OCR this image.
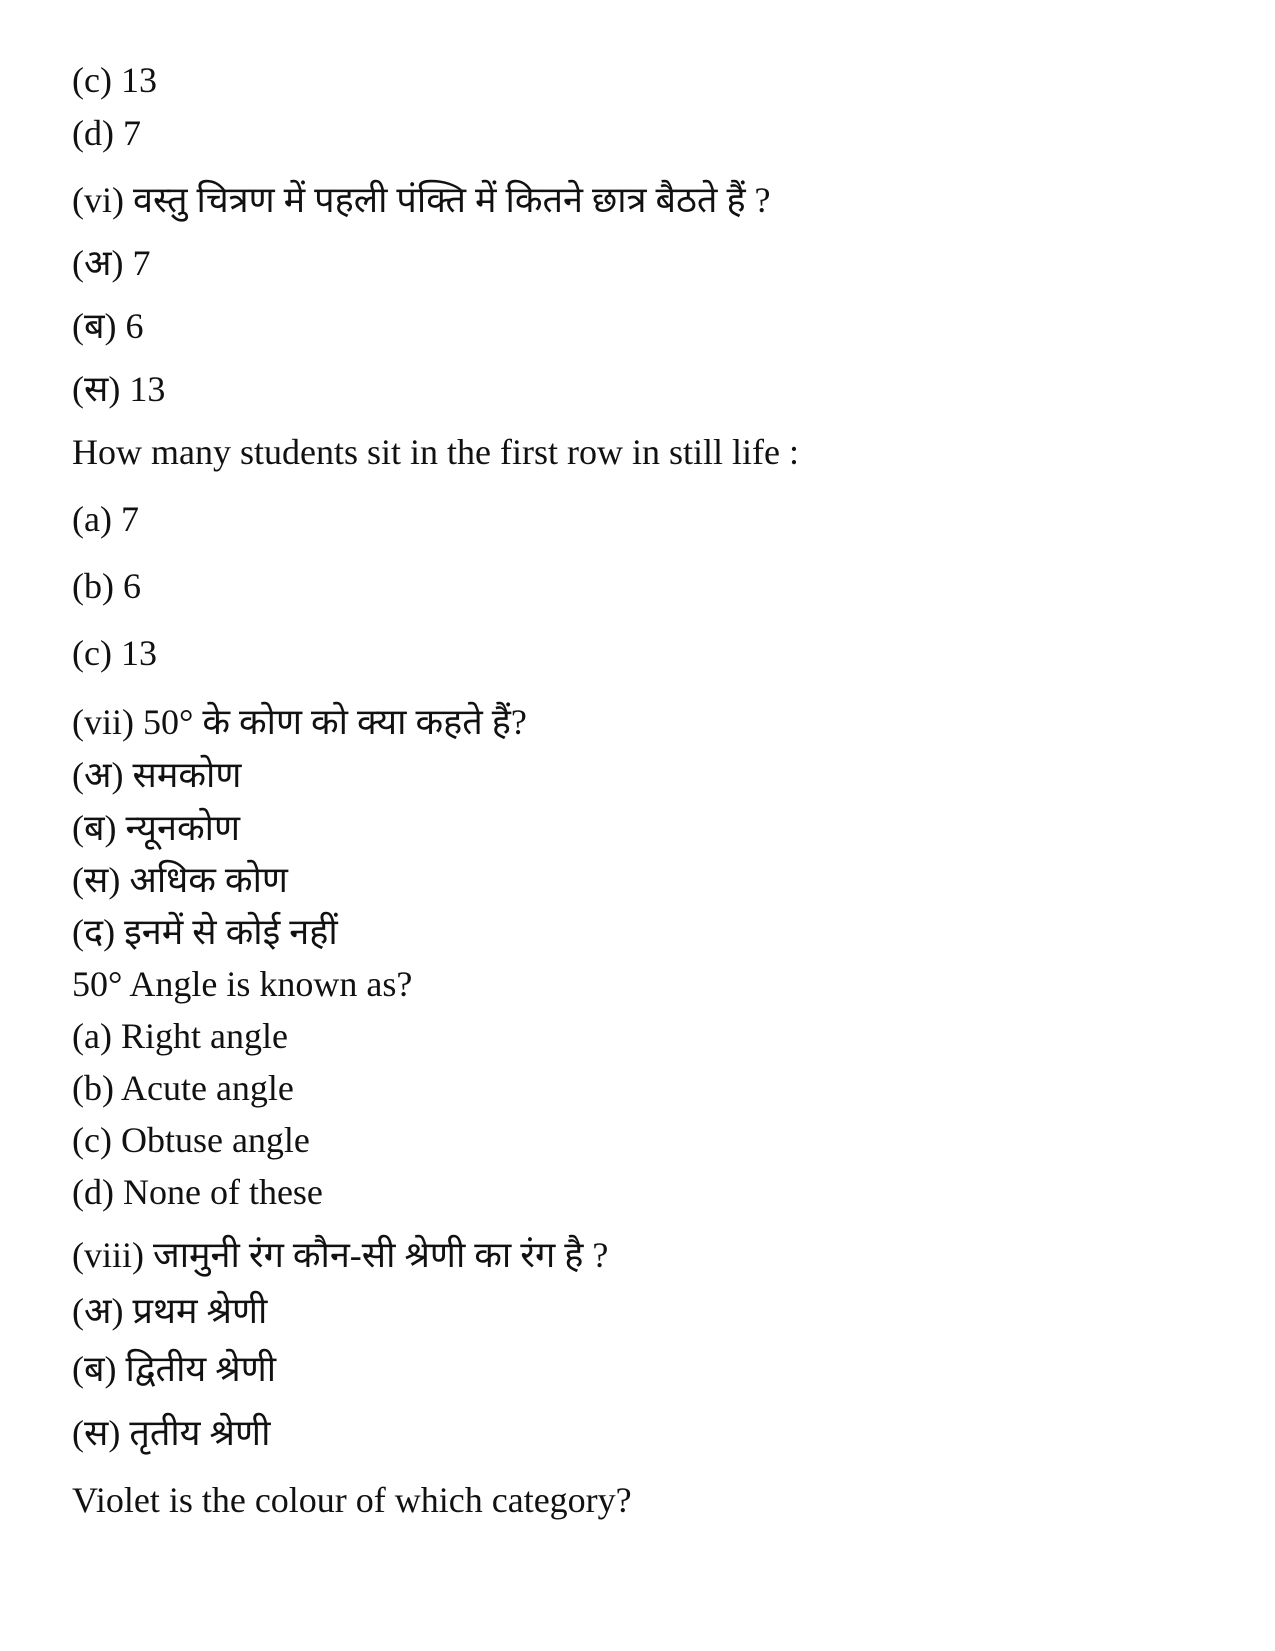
(c) 13
(d) 7
(vi) वस्तु चित्रण में पहली पंक्ति में कितने छात्र बैठते हैं ?
(अ) 7
(ब) 6
(स) 13
How many students sit in the first row in still life :
(a) 7
(b) 6
(c) 13
(vii) 50° के कोण को क्या कहते हैं?
(अ) समकोण
(ब) न्यूनकोण
(स) अधिक कोण
(द) इनमें से कोई नहीं
50° Angle is known as?
(a) Right angle
(b) Acute angle
(c) Obtuse angle
(d) None of these
(viii) जामुनी रंग कौन-सी श्रेणी का रंग है ?
(अ) प्रथम श्रेणी
(ब) द्वितीय श्रेणी
(स) तृतीय श्रेणी
Violet is the colour of which category?
